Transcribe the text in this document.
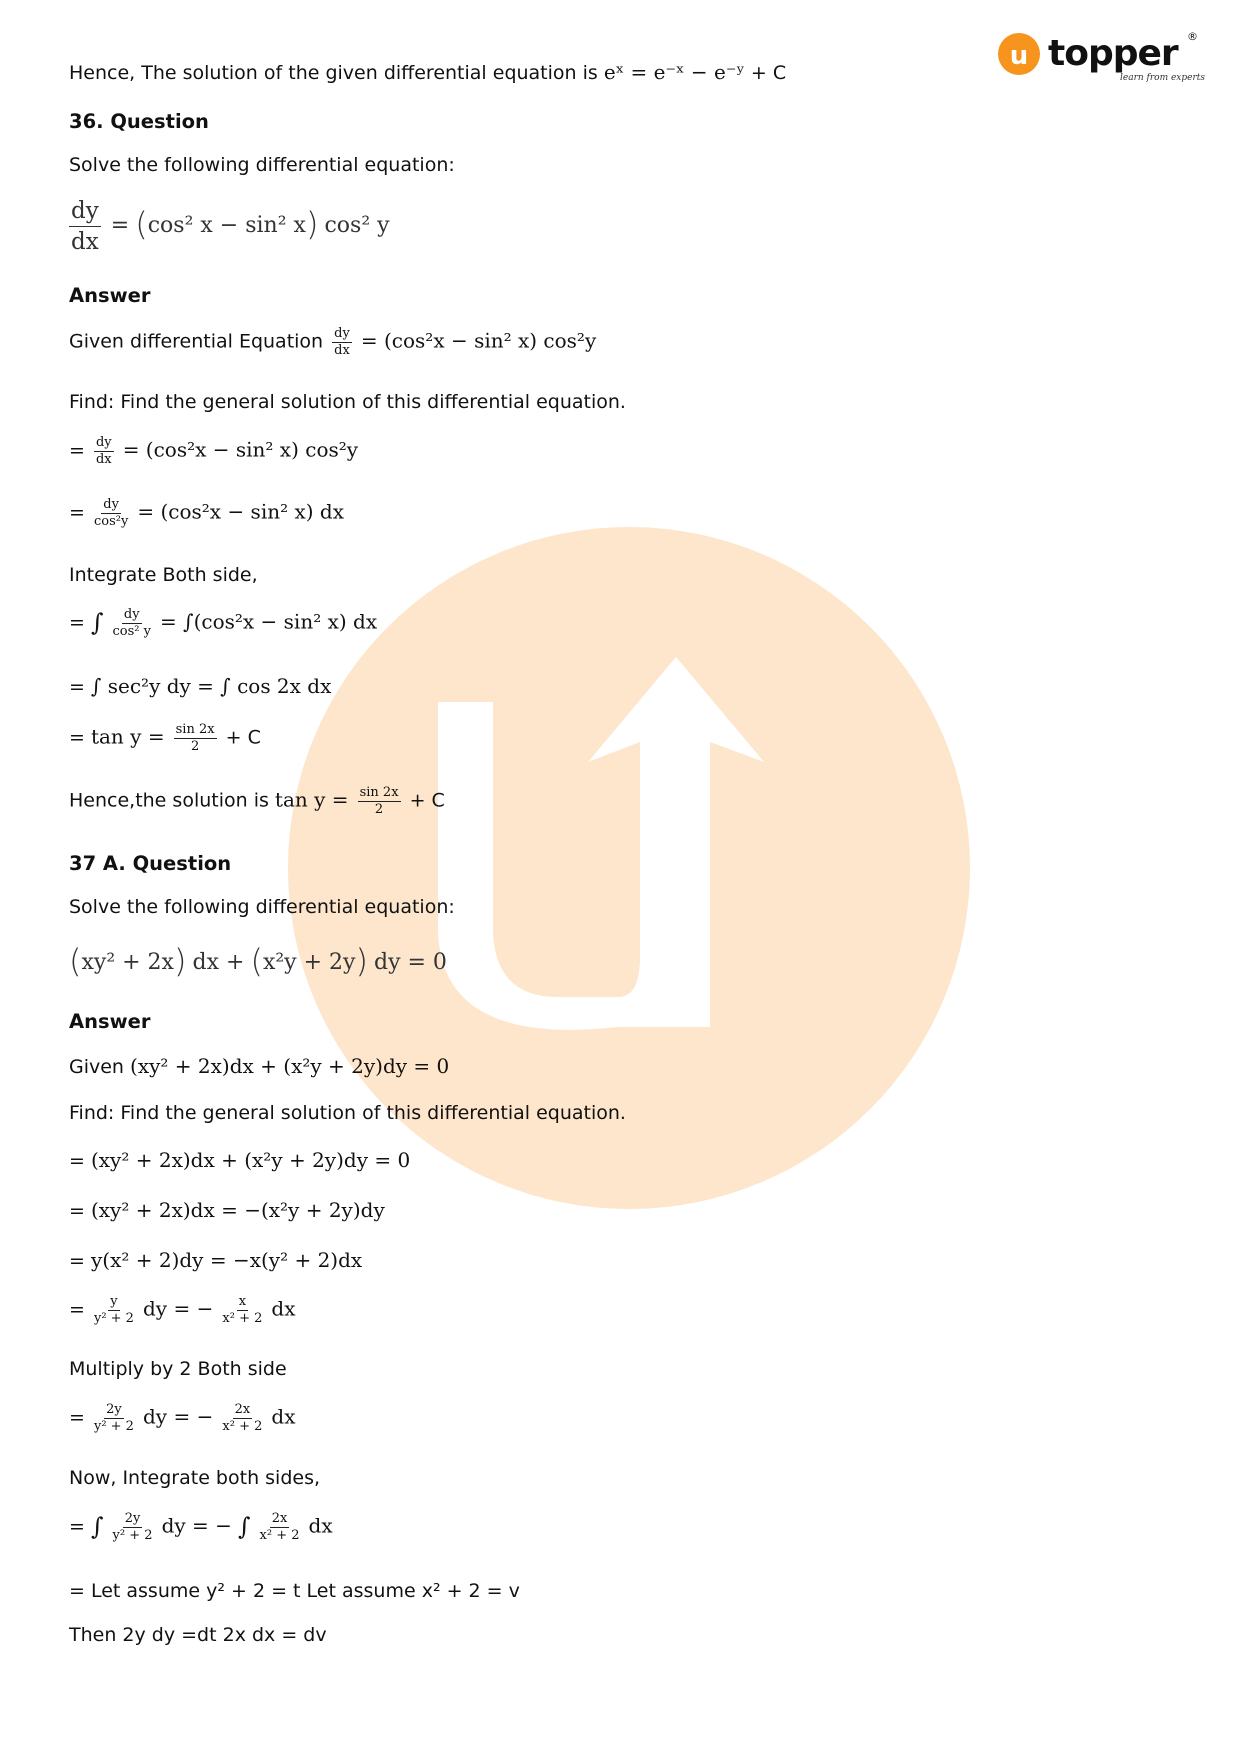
u topper ®
learn from experts
Hence, The solution of the given differential equation is eˣ = e⁻ˣ − e⁻ʸ + C
36. Question
Solve the following differential equation:
$\frac{dy}{dx} = (\cos^2$ x − sin² x) cos² y
Answer
Given differential Equation $\frac{dy}{dx} = (\cos^2x - \sin^2$ x) cos²y
Find: Find the general solution of this differential equation.
= $\frac{dy}{dx} = (\cos^2x - \sin^2$ x) cos²y
= $\frac{dy}{\text{cos²y}} = (\cos^2x - \sin^2$ x) dx
Integrate Both side,
= ∫ $\frac{dy}{\text{cos² y}} = \int(\cos^2x - \sin^2$ x) dx
= ∫ sec²y dy = ∫ cos 2x dx
= $\tan y = \frac{\sin 2x}{2} + C$
Hence,the solution is $\tan y = \frac{\sin 2x}{2} + C$
37 A. Question
Solve the following differential equation:
(xy² + 2x) dx + (x²y + 2y) dy = 0
Answer
Given (xy² + 2x)dx + (x²y + 2y)dy = 0
Find: Find the general solution of this differential equation.
= (xy² + 2x)dx + (x²y + 2y)dy = 0
= (xy² + 2x)dx = −(x²y + 2y)dy
= y(x² + 2)dy = −x(y² + 2)dx
= $\frac{y}{\text{y² + 2}}$ dy = − $\frac{x}{\text{x² + 2}}$ dx
Multiply by 2 Both side
= $\frac{2y}{\text{y² + 2}}$ dy = − $\frac{2x}{\text{x² + 2}}$ dx
Now, Integrate both sides,
= ∫ $\frac{2y}{\text{y² + 2}}$ dy = − ∫ $\frac{2x}{\text{x² + 2}}$ dx
= Let assume y² + 2 = t Let assume x² + 2 = v
Then 2y dy =dt 2x dx = dv
